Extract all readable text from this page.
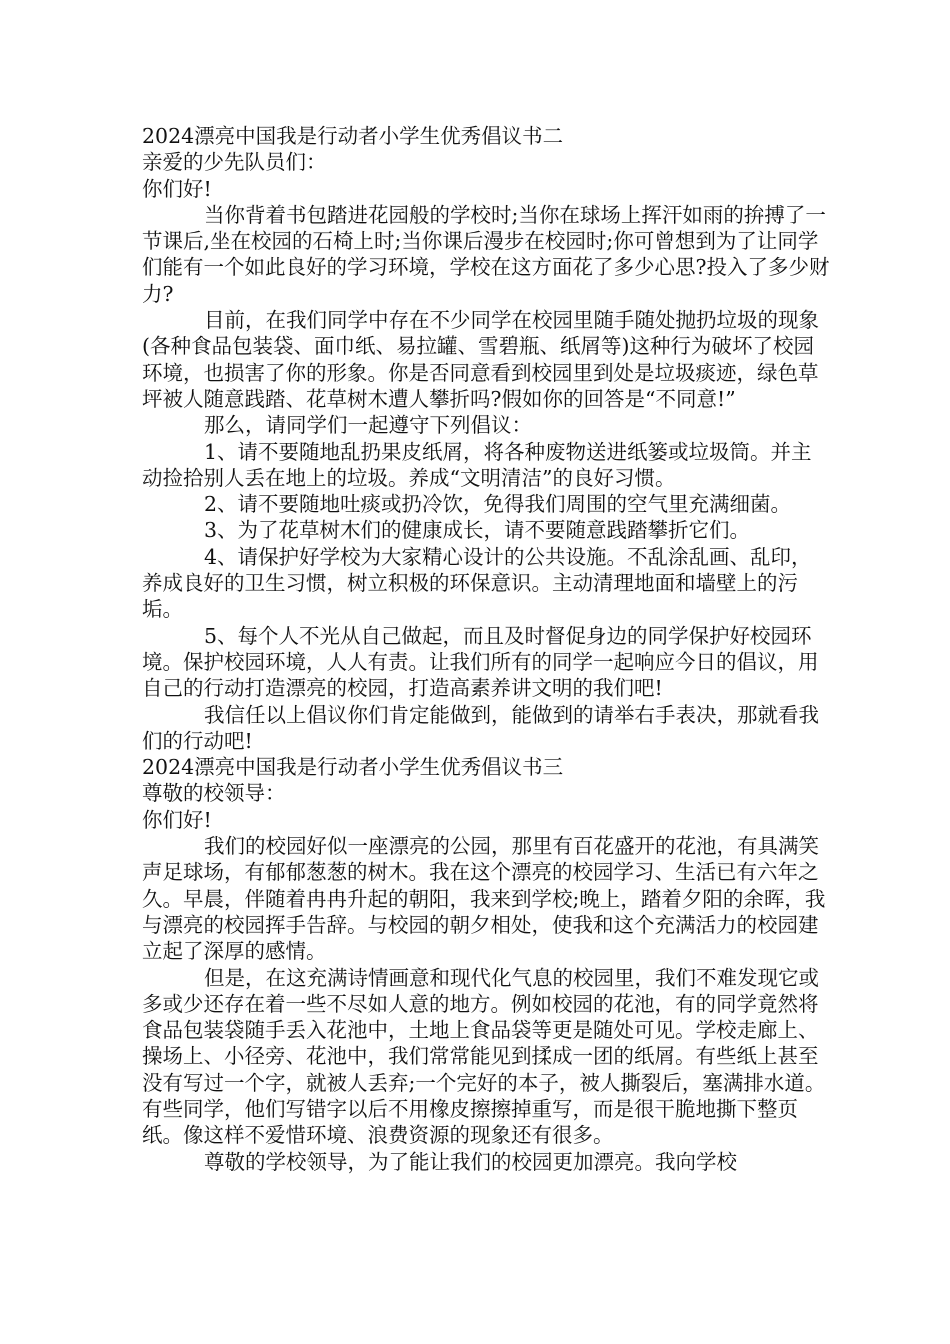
2024漂亮中国我是行动者小学生优秀倡议书二

亲爱的少先队员们：

你们好!

当你背着书包踏进花园般的学校时;当你在球场上挥汗如雨的拚搏了一节课后,坐在校园的石椅上时;当你课后漫步在校园时;你可曾想到为了让同学们能有一个如此良好的学习环境，学校在这方面花了多少心思?投入了多少财力?

目前，在我们同学中存在不少同学在校园里随手随处抛扔垃圾的现象(各种食品包装袋、面巾纸、易拉罐、雪碧瓶、纸屑等)这种行为破坏了校园环境，也损害了你的形象。你是否同意看到校园里到处是垃圾痰迹，绿色草坪被人随意践踏、花草树木遭人攀折吗?假如你的回答是“不同意!”

那么，请同学们一起遵守下列倡议：

1、请不要随地乱扔果皮纸屑，将各种废物送进纸篓或垃圾筒。并主动捡拾别人丢在地上的垃圾。养成“文明清洁”的良好习惯。

2、请不要随地吐痰或扔冷饮，免得我们周围的空气里充满细菌。

3、为了花草树木们的健康成长，请不要随意践踏攀折它们。

4、请保护好学校为大家精心设计的公共设施。不乱涂乱画、乱印，养成良好的卫生习惯，树立积极的环保意识。主动清理地面和墙壁上的污垢。

5、每个人不光从自己做起，而且及时督促身边的同学保护好校园环境。保护校园环境，人人有责。让我们所有的同学一起响应今日的倡议，用自己的行动打造漂亮的校园，打造高素养讲文明的我们吧!

我信任以上倡议你们肯定能做到，能做到的请举右手表决，那就看我们的行动吧!

2024漂亮中国我是行动者小学生优秀倡议书三

尊敬的校领导：

你们好!

我们的校园好似一座漂亮的公园，那里有百花盛开的花池，有具满笑声足球场，有郁郁葱葱的树木。我在这个漂亮的校园学习、生活已有六年之久。早晨，伴随着冉冉升起的朝阳，我来到学校;晚上，踏着夕阳的余晖，我与漂亮的校园挥手告辞。与校园的朝夕相处，使我和这个充满活力的校园建立起了深厚的感情。

但是，在这充满诗情画意和现代化气息的校园里，我们不难发现它或多或少还存在着一些不尽如人意的地方。例如校园的花池，有的同学竟然将食品包装袋随手丢入花池中，土地上食品袋等更是随处可见。学校走廊上、操场上、小径旁、花池中，我们常常能见到揉成一团的纸屑。有些纸上甚至没有写过一个字，就被人丢弃;一个完好的本子，被人撕裂后，塞满排水道。有些同学，他们写错字以后不用橡皮擦擦掉重写，而是很干脆地撕下整页纸。像这样不爱惜环境、浪费资源的现象还有很多。

尊敬的学校领导，为了能让我们的校园更加漂亮。我向学校
